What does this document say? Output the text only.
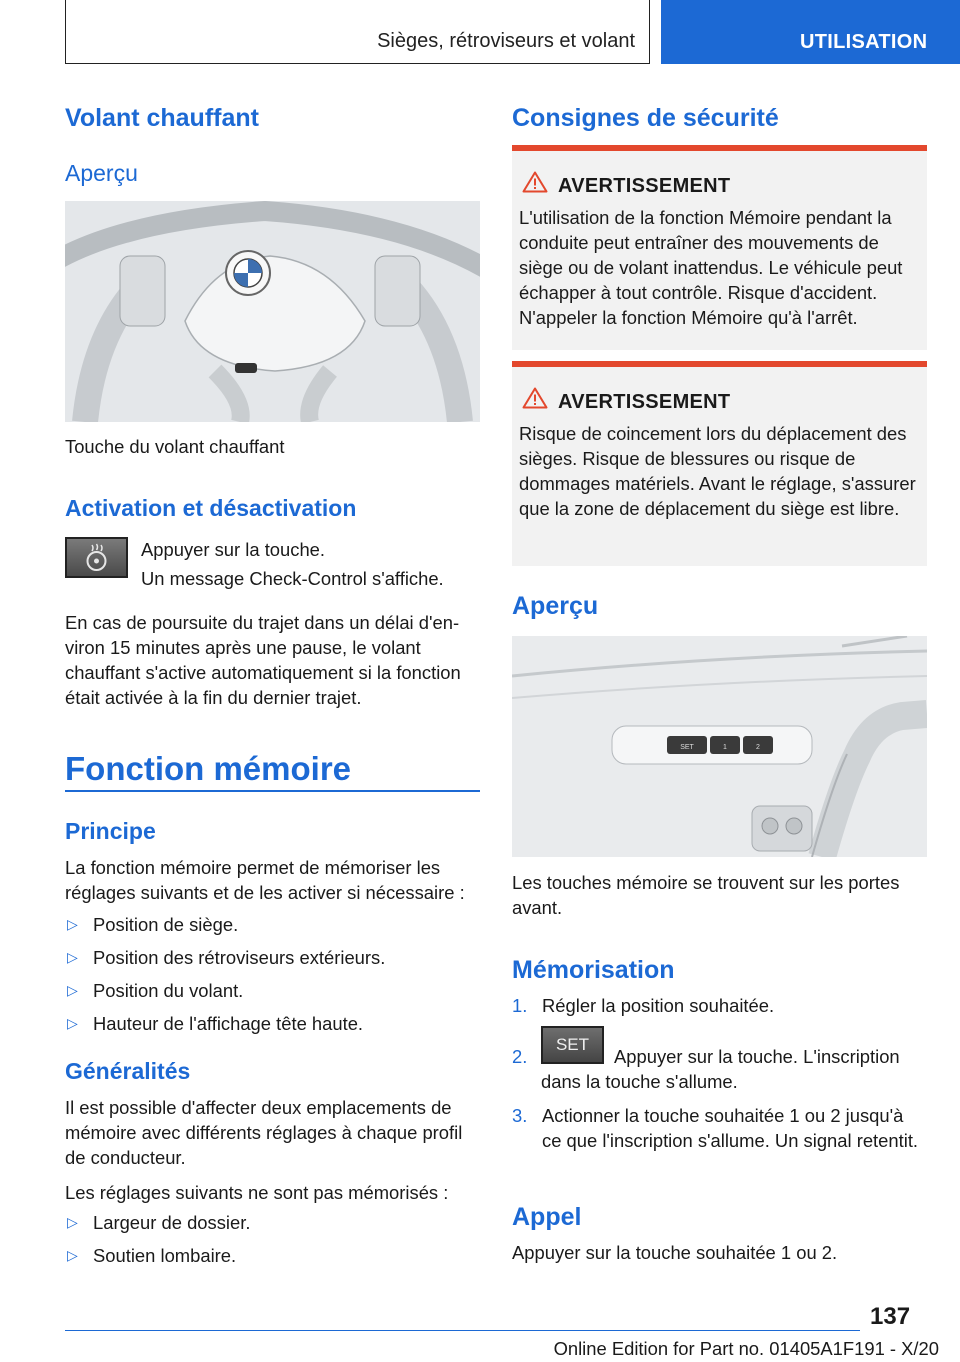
Sièges, rétroviseurs et volant	UTILISATION
Volant chauffant
Aperçu

Touche du volant chauffant

Activation et désactivation

Appuyer sur la touche.

Un message Check-Control s'affiche.

En cas de poursuite du trajet dans un délai d'environ 15 minutes après une pause, le volant chauffant s'active automatiquement si la fonction était activée à la fin du dernier trajet.

Fonction mémoire
Principe

La fonction mémoire permet de mémoriser les réglages suivants et de les activer si nécessaire :

▷ Position de siège.
▷ Position des rétroviseurs extérieurs.
▷ Position du volant.
▷ Hauteur de l'affichage tête haute.
Généralités

Il est possible d'affecter deux emplacements de mémoire avec différents réglages à chaque profil de conducteur.

Les réglages suivants ne sont pas mémorisés :

▷ Largeur de dossier.
▷ Soutien lombaire.
Consignes de sécurité
AVERTISSEMENT

L'utilisation de la fonction Mémoire pendant la conduite peut entraîner des mouvements de siège ou de volant inattendus. Le véhicule peut échapper à tout contrôle. Risque d'accident. N'appeler la fonction Mémoire qu'à l'arrêt.

AVERTISSEMENT

Risque de coincement lors du déplacement des sièges. Risque de blessures ou risque de dommages matériels. Avant le réglage, s'assurer que la zone de déplacement du siège est libre.

Aperçu
SET	1	2

Les touches mémoire se trouvent sur les portes avant.

Mémorisation
1. Régler la position souhaitée.
2.
SET

Appuyer sur la touche. L'inscription dans la touche s'allume.

3. Actionner la touche souhaitée 1 ou 2 jusqu'à ce que l'inscription s'allume. Un signal retentit.
Appel

Appuyer sur la touche souhaitée 1 ou 2.

137
Online Edition for Part no. 01405A1F191 - X/20
